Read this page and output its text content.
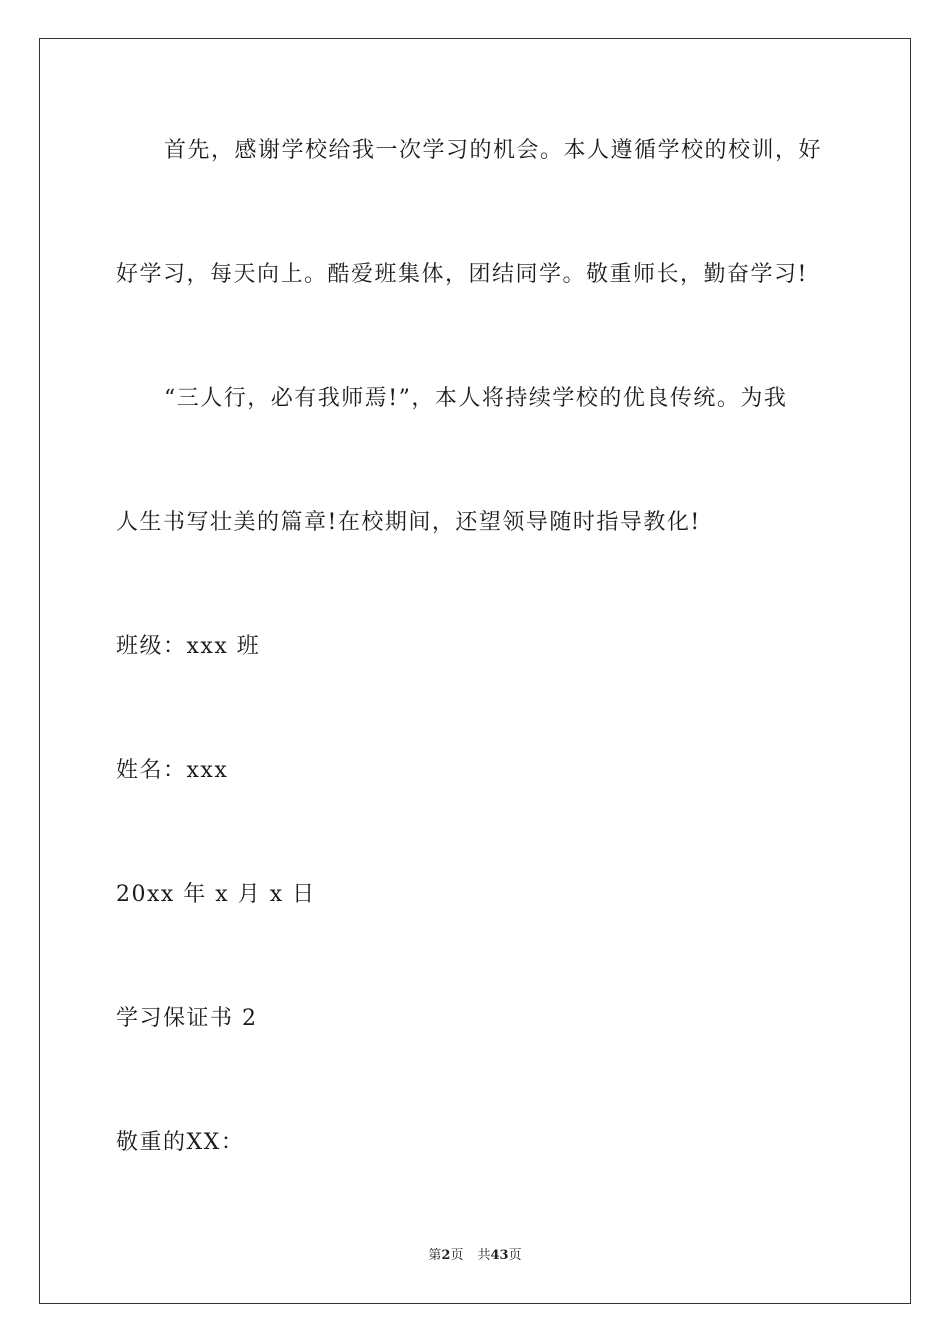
首先，感谢学校给我一次学习的机会。本人遵循学校的校训，好
好学习，每天向上。酷爱班集体，团结同学。敬重师长，勤奋学习!
“三人行，必有我师焉!”，本人将持续学校的优良传统。为我
人生书写壮美的篇章!在校期间，还望领导随时指导教化!
班级：xxx 班
姓名：xxx
20xx 年 x 月 x 日
学习保证书 2
敬重的XX：
第2页 共43页
